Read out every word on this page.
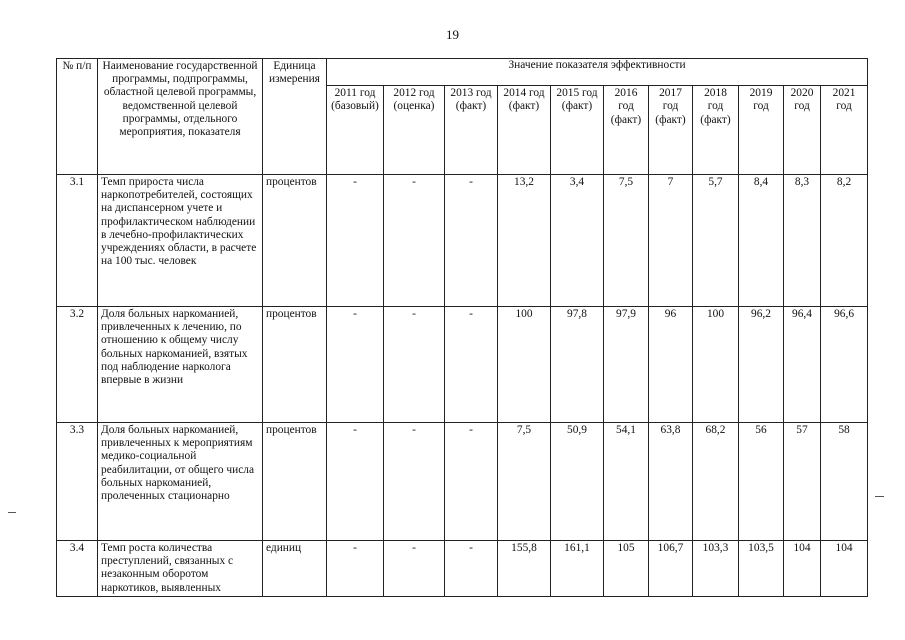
19
№ п/п	Наименование государственной программы, подпрограммы, областной целевой программы, ведомственной целевой программы, отдельного мероприятия, показателя	Единица измерения	Значение показателя эффективности										
			2011 год (базовый)	2012 год (оценка)	2013 год (факт)	2014 год (факт)	2015 год (факт)	2016 год (факт)	2017 год (факт)	2018 год (факт)	2019 год	2020 год	2021 год
3.1	Темп прироста числа наркопотребителей, состоящих на диспансерном учете и профилактическом наблюдении в лечебно-профилактических учреждениях области, в расчете на 100 тыс. человек	процентов	-	-	-	13,2	3,4	7,5	7	5,7	8,4	8,3	8,2
3.2	Доля больных наркоманией, привлеченных к лечению, по отношению к общему числу больных наркоманией, взятых под наблюдение нарколога впервые в жизни	процентов	-	-	-	100	97,8	97,9	96	100	96,2	96,4	96,6
3.3	Доля больных наркоманией, привлеченных к мероприятиям медико-социальной реабилитации, от общего числа больных наркоманией, пролеченных стационарно	процентов	-	-	-	7,5	50,9	54,1	63,8	68,2	56	57	58
3.4	Темп роста количества преступлений, связанных с незаконным оборотом наркотиков, выявленных	единиц	-	-	-	155,8	161,1	105	106,7	103,3	103,5	104	104
